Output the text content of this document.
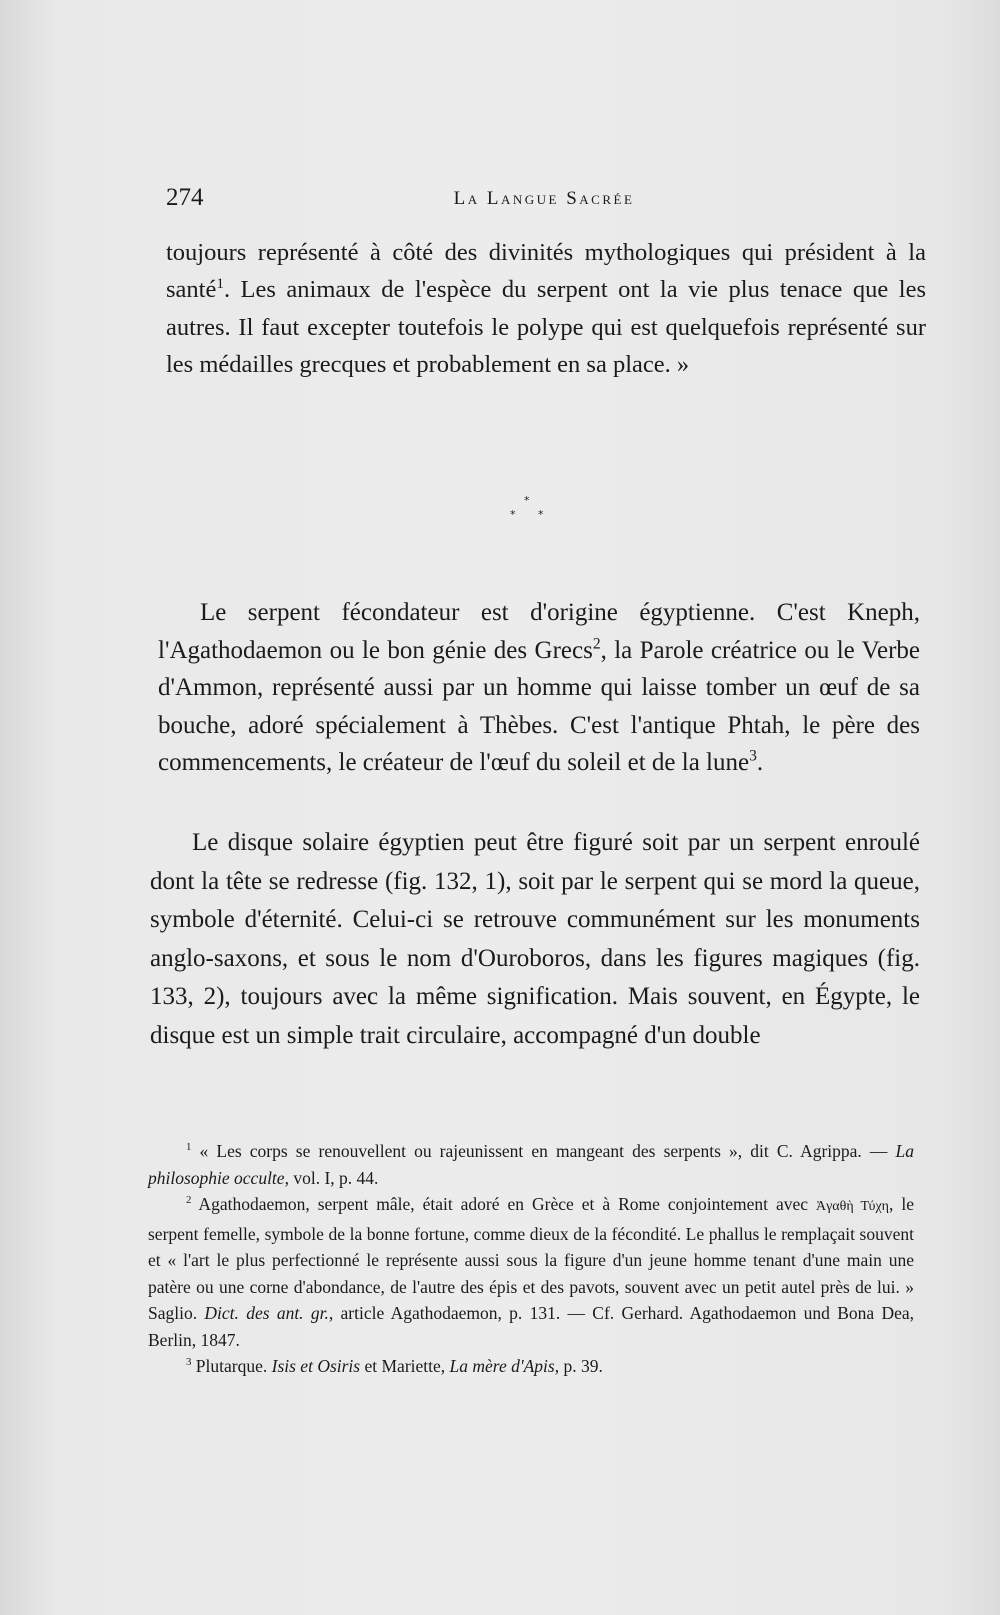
274	La Langue Sacrée

toujours représenté à côté des divinités mythologiques qui président à la santé$^1$. Les animaux de l'espèce du serpent ont la vie plus tenace que les autres. Il faut excepter toutefois le polype qui est quelquefois représenté sur les médailles grecques et probablement en sa place. »

*
* *

Le serpent fécondateur est d'origine égyptienne. C'est Kneph, l'Agathodaemon ou le bon génie des Grecs$^2$, la Parole créatrice ou le Verbe d'Ammon, représenté aussi par un homme qui laisse tomber un œuf de sa bouche, adoré spécialement à Thèbes. C'est l'antique Phtah, le père des commencements, le créateur de l'œuf du soleil et de la lune$^3$.

Le disque solaire égyptien peut être figuré soit par un serpent enroulé dont la tête se redresse (fig. 132, 1), soit par le serpent qui se mord la queue, symbole d'éternité. Celui-ci se retrouve communément sur les monuments anglo-saxons, et sous le nom d'Ouroboros, dans les figures magiques (fig. 133, 2), toujours avec la même signification. Mais souvent, en Égypte, le disque est un simple trait circulaire, accompagné d'un double

$^1$ « Les corps se renouvellent ou rajeunissent en mangeant des serpents », dit C. Agrippa. — La philosophie occulte, vol. I, p. 44.

$^2$ Agathodaemon, serpent mâle, était adoré en Grèce et à Rome conjointement avec Ἀγαθὴ Τύχη, le serpent femelle, symbole de la bonne fortune, comme dieux de la fécondité. Le phallus le remplaçait souvent et « l'art le plus perfectionné le représente aussi sous la figure d'un jeune homme tenant d'une main une patère ou une corne d'abondance, de l'autre des épis et des pavots, souvent avec un petit autel près de lui. » Saglio. Dict. des ant. gr., article Agathodaemon, p. 131. — Cf. Gerhard. Agathodaemon und Bona Dea, Berlin, 1847.

$^3$ Plutarque. Isis et Osiris et Mariette, La mère d'Apis, p. 39.
